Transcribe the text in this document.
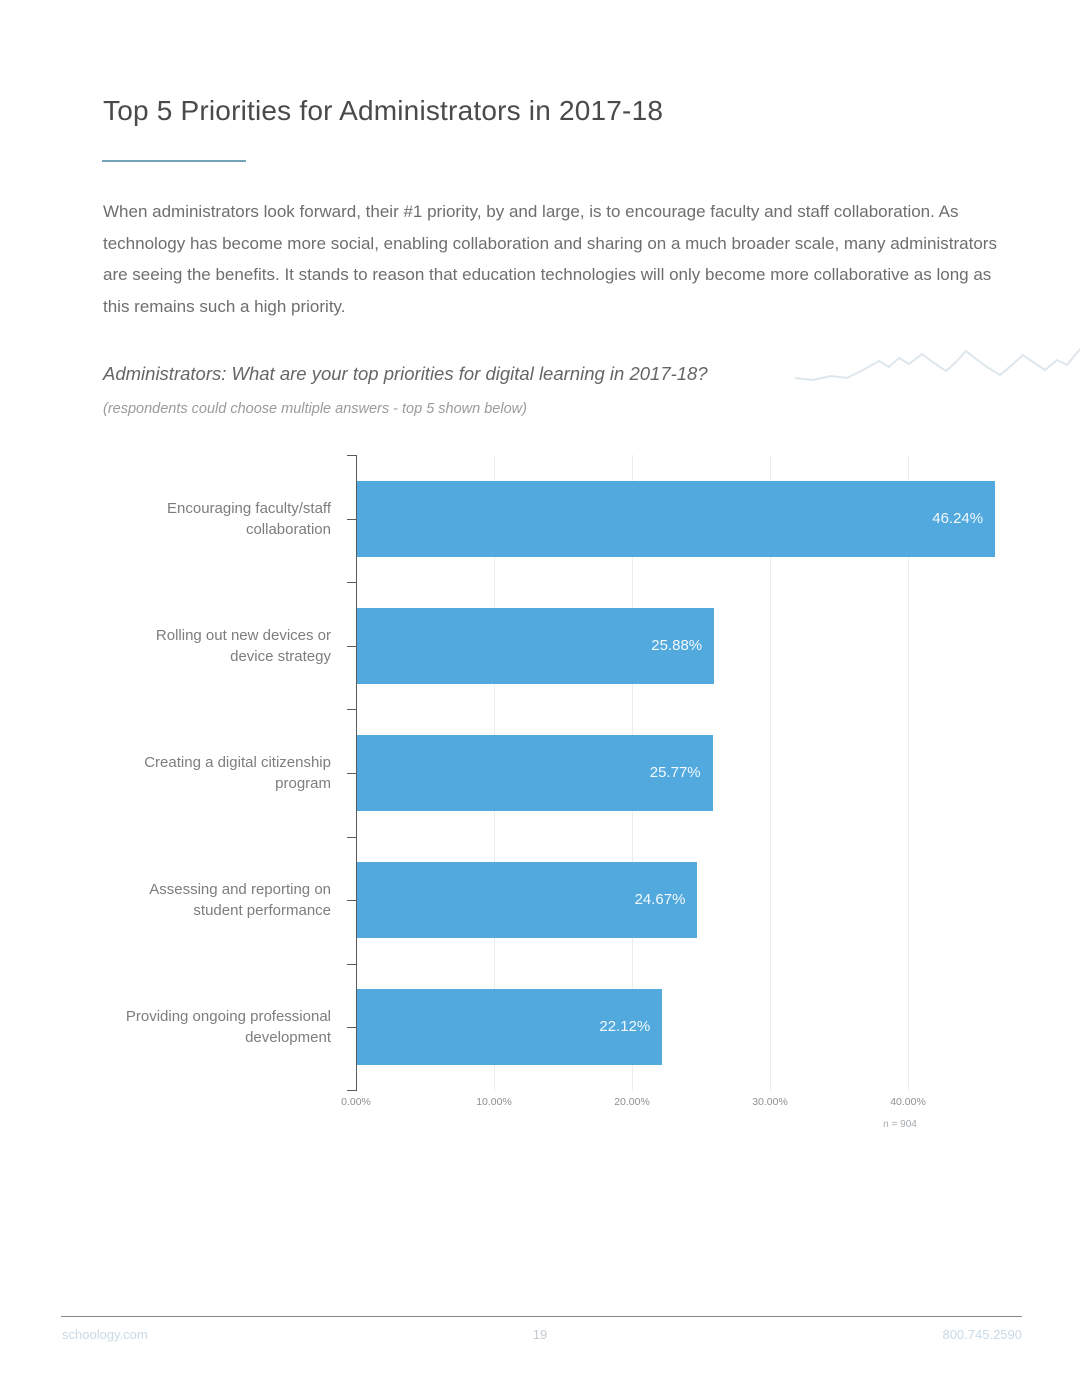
Top 5 Priorities for Administrators in 2017-18
When administrators look forward, their #1 priority, by and large, is to encourage faculty and staff collaboration. As technology has become more social, enabling collaboration and sharing on a much broader scale, many administrators are seeing the benefits. It stands to reason that education technologies will only become more collaborative as long as this remains such a high priority.
Administrators: What are your top priorities for digital learning in 2017-18?
(respondents could choose multiple answers - top 5 shown below)
Encouraging faculty/staff
collaboration
46.24%
Rolling out new devices or
device strategy
25.88%
Creating a digital citizenship
program
25.77%
Assessing and reporting on
student performance
24.67%
Providing ongoing professional
development
22.12%
0.00%	10.00%	20.00%	30.00%	40.00%
n = 904
schoology.com	19	800.745.2590
